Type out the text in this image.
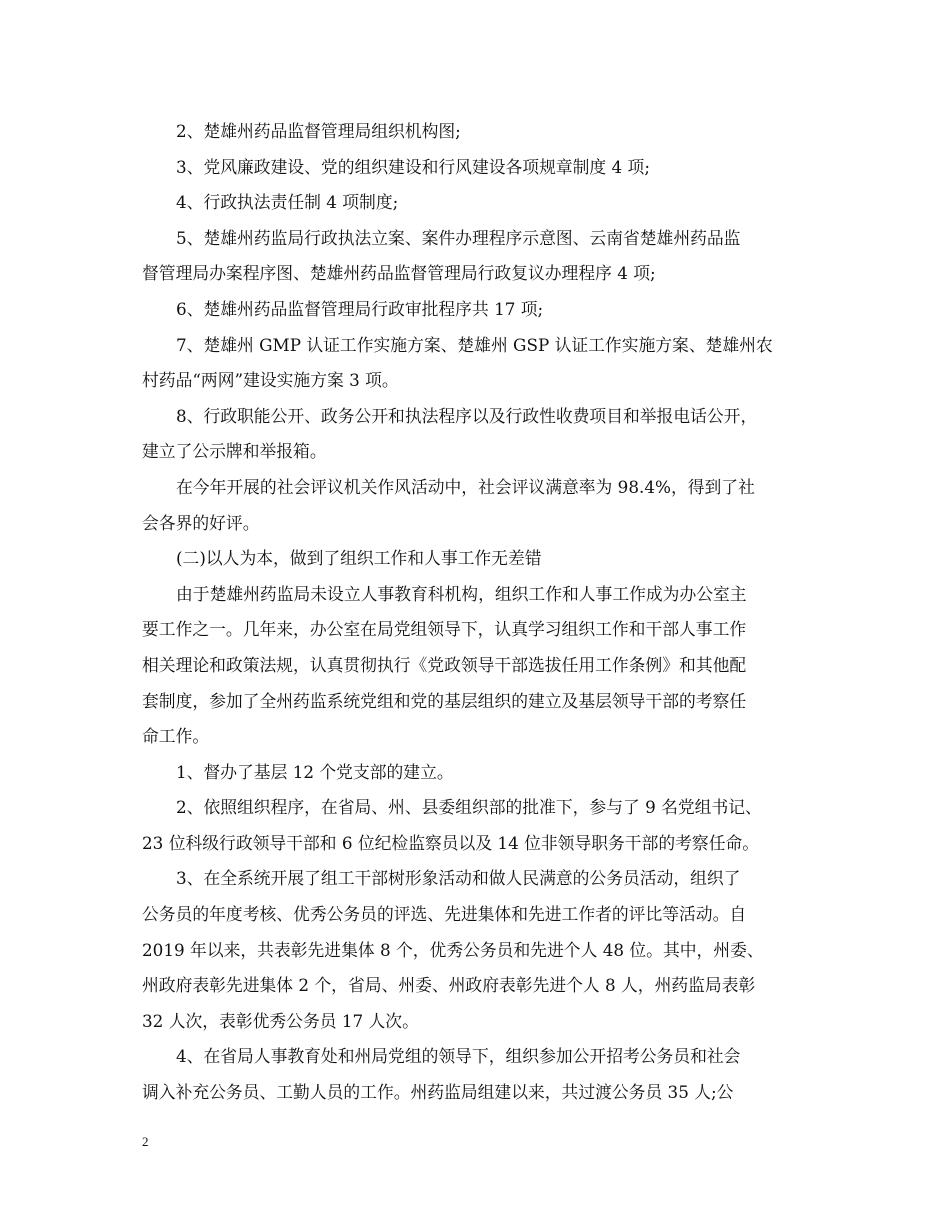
2、楚雄州药品监督管理局组织机构图;
3、党风廉政建设、党的组织建设和行风建设各项规章制度 4 项;
4、行政执法责任制 4 项制度;
5、楚雄州药监局行政执法立案、案件办理程序示意图、云南省楚雄州药品监
督管理局办案程序图、楚雄州药品监督管理局行政复议办理程序 4 项;
6、楚雄州药品监督管理局行政审批程序共 17 项;
7、楚雄州 GMP 认证工作实施方案、楚雄州 GSP 认证工作实施方案、楚雄州农
村药品“两网”建设实施方案 3 项。
8、行政职能公开、政务公开和执法程序以及行政性收费项目和举报电话公开，
建立了公示牌和举报箱。
在今年开展的社会评议机关作风活动中，社会评议满意率为 98.4%，得到了社
会各界的好评。
(二)以人为本，做到了组织工作和人事工作无差错
由于楚雄州药监局未设立人事教育科机构，组织工作和人事工作成为办公室主
要工作之一。几年来，办公室在局党组领导下，认真学习组织工作和干部人事工作
相关理论和政策法规，认真贯彻执行《党政领导干部选拔任用工作条例》和其他配
套制度，参加了全州药监系统党组和党的基层组织的建立及基层领导干部的考察任
命工作。
1、督办了基层 12 个党支部的建立。
2、依照组织程序，在省局、州、县委组织部的批准下，参与了 9 名党组书记、
23 位科级行政领导干部和 6 位纪检监察员以及 14 位非领导职务干部的考察任命。
3、在全系统开展了组工干部树形象活动和做人民满意的公务员活动，组织了
公务员的年度考核、优秀公务员的评选、先进集体和先进工作者的评比等活动。自
2019 年以来，共表彰先进集体 8 个，优秀公务员和先进个人 48 位。其中，州委、
州政府表彰先进集体 2 个，省局、州委、州政府表彰先进个人 8 人，州药监局表彰
32 人次，表彰优秀公务员 17 人次。
4、在省局人事教育处和州局党组的领导下，组织参加公开招考公务员和社会
调入补充公务员、工勤人员的工作。州药监局组建以来，共过渡公务员 35 人;公
2
